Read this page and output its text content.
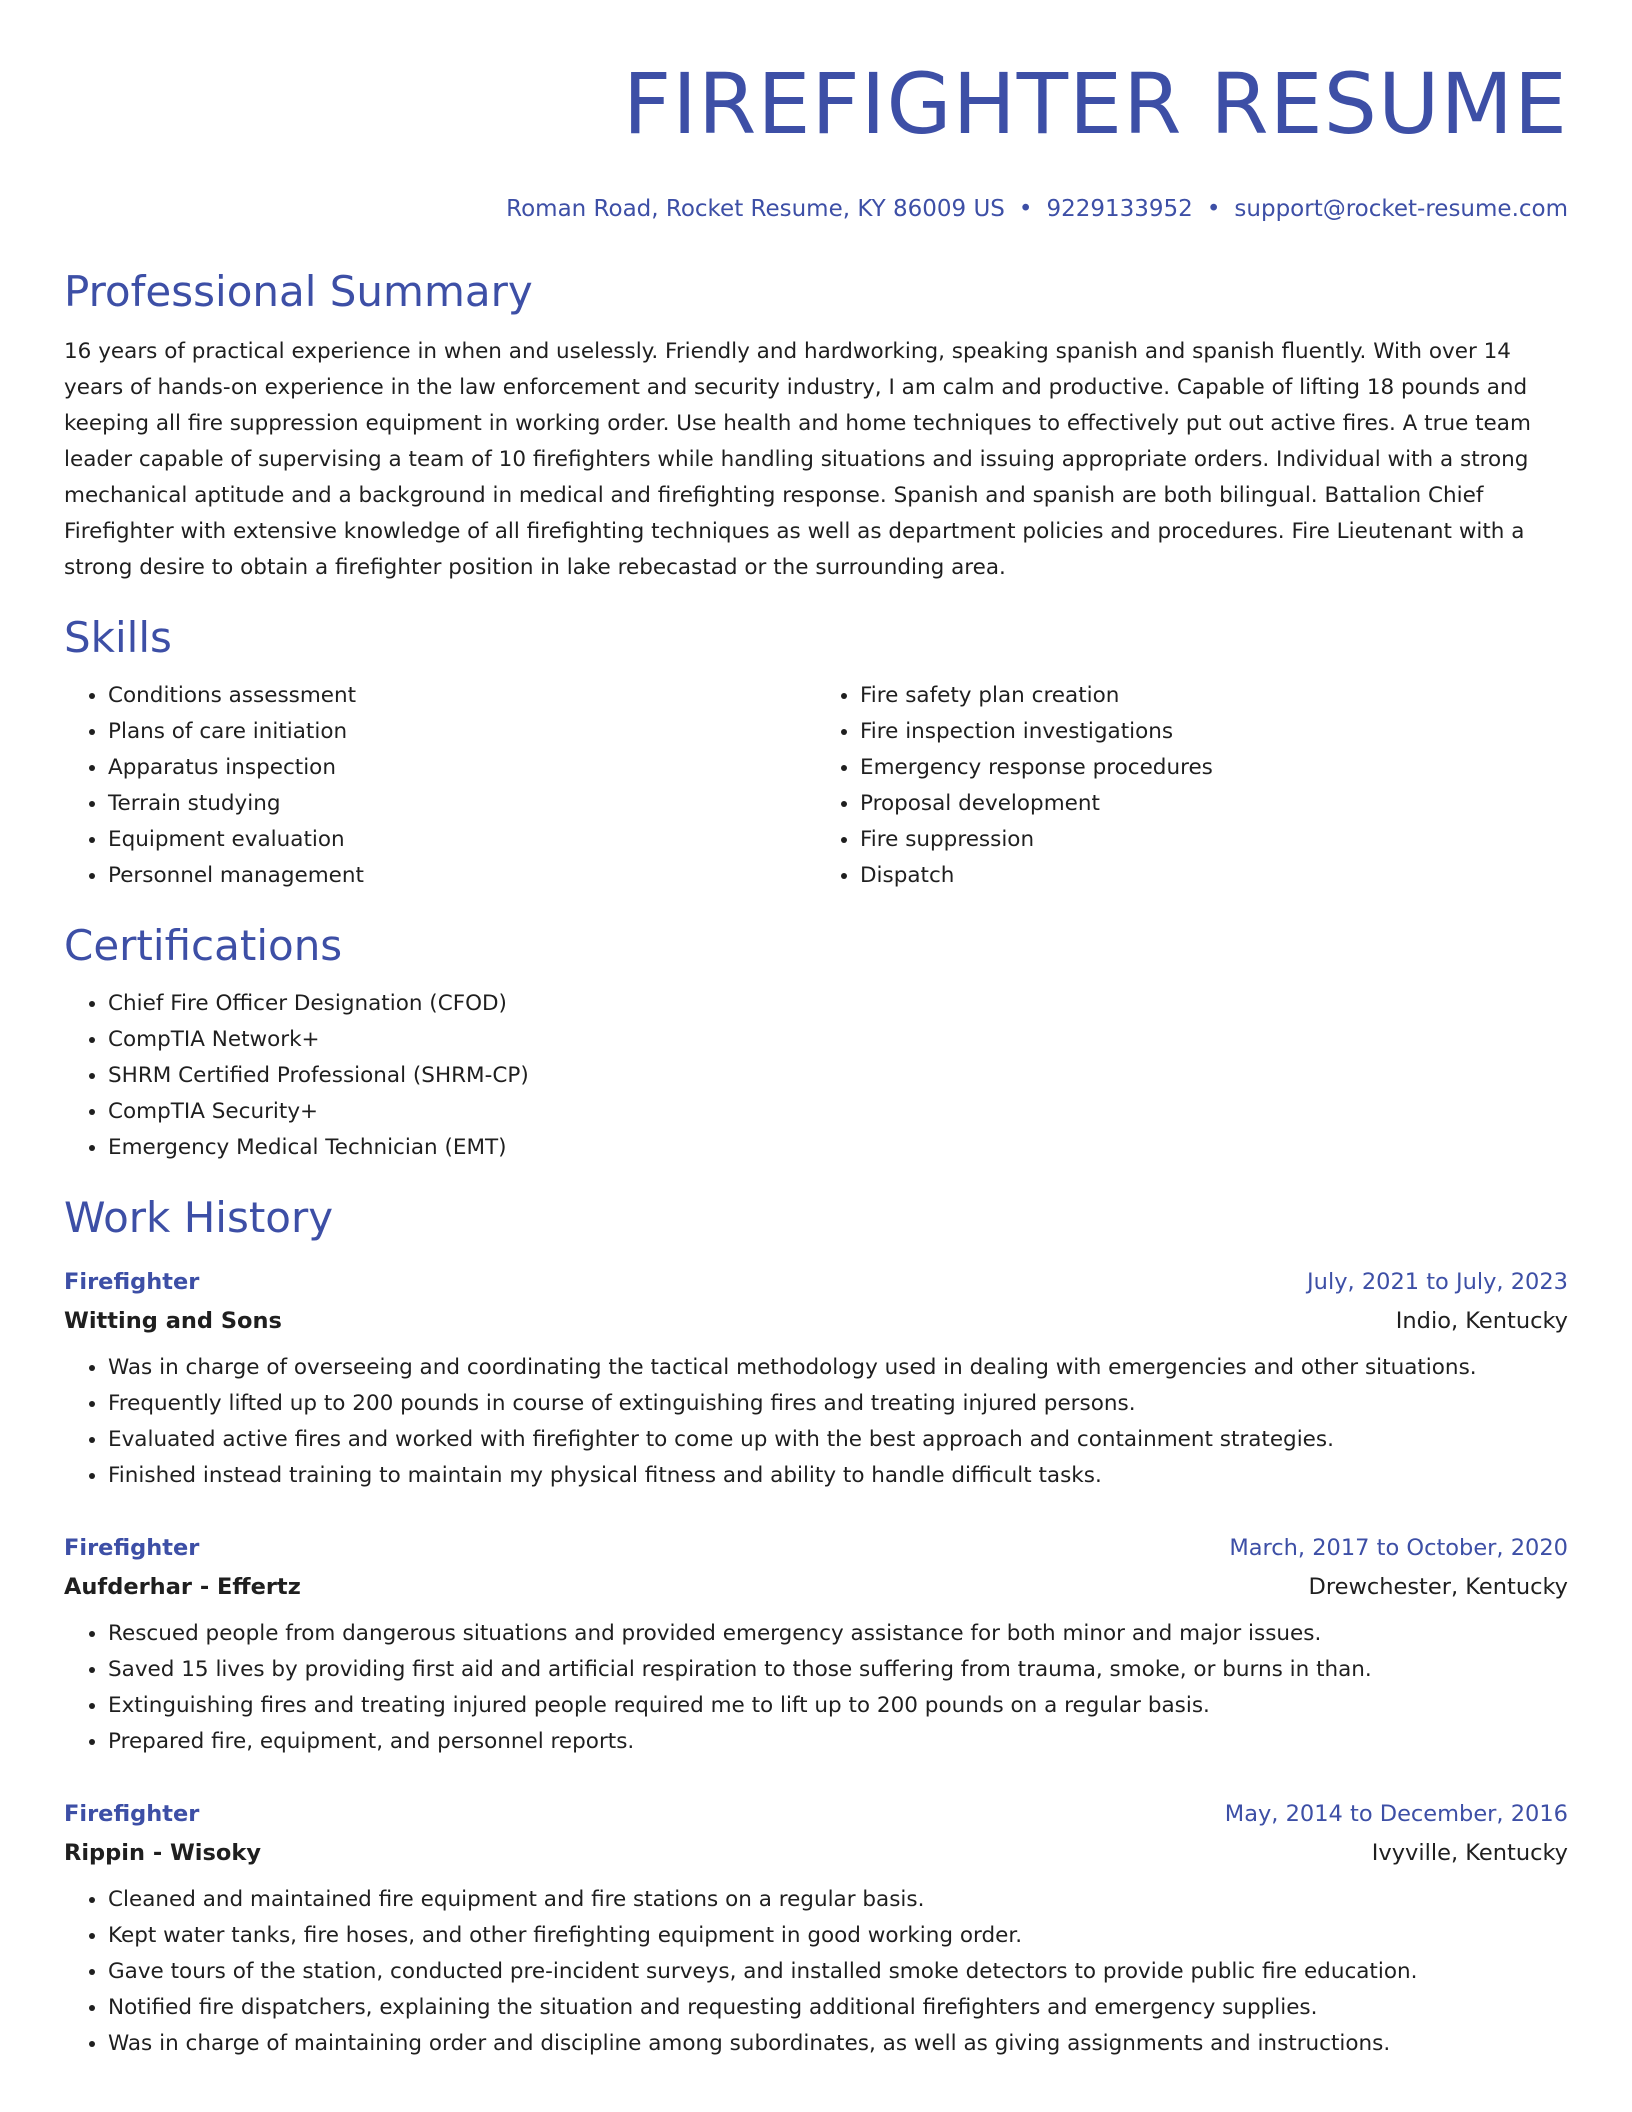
FIREFIGHTER RESUME
Roman Road, Rocket Resume, KY 86009 US • 9229133952 • support@rocket-resume.com
Professional Summary
16 years of practical experience in when and uselessly. Friendly and hardworking, speaking spanish and spanish fluently. With over 14 years of hands-on experience in the law enforcement and security industry, I am calm and productive. Capable of lifting 18 pounds and keeping all fire suppression equipment in working order. Use health and home techniques to effectively put out active fires. A true team leader capable of supervising a team of 10 firefighters while handling situations and issuing appropriate orders. Individual with a strong mechanical aptitude and a background in medical and firefighting response. Spanish and spanish are both bilingual. Battalion Chief Firefighter with extensive knowledge of all firefighting techniques as well as department policies and procedures. Fire Lieutenant with a strong desire to obtain a firefighter position in lake rebecastad or the surrounding area.
Skills
• Conditions assessment
• Plans of care initiation
• Apparatus inspection
• Terrain studying
• Equipment evaluation
• Personnel management
• Fire safety plan creation
• Fire inspection investigations
• Emergency response procedures
• Proposal development
• Fire suppression
• Dispatch
Certifications
• Chief Fire Officer Designation (CFOD)
• CompTIA Network+
• SHRM Certified Professional (SHRM-CP)
• CompTIA Security+
• Emergency Medical Technician (EMT)
Work History
Firefighter	July, 2021 to July, 2023
Witting and Sons	Indio, Kentucky
• Was in charge of overseeing and coordinating the tactical methodology used in dealing with emergencies and other situations.
• Frequently lifted up to 200 pounds in course of extinguishing fires and treating injured persons.
• Evaluated active fires and worked with firefighter to come up with the best approach and containment strategies.
• Finished instead training to maintain my physical fitness and ability to handle difficult tasks.
Firefighter	March, 2017 to October, 2020
Aufderhar - Effertz	Drewchester, Kentucky
• Rescued people from dangerous situations and provided emergency assistance for both minor and major issues.
• Saved 15 lives by providing first aid and artificial respiration to those suffering from trauma, smoke, or burns in than.
• Extinguishing fires and treating injured people required me to lift up to 200 pounds on a regular basis.
• Prepared fire, equipment, and personnel reports.
Firefighter	May, 2014 to December, 2016
Rippin - Wisoky	Ivyville, Kentucky
• Cleaned and maintained fire equipment and fire stations on a regular basis.
• Kept water tanks, fire hoses, and other firefighting equipment in good working order.
• Gave tours of the station, conducted pre-incident surveys, and installed smoke detectors to provide public fire education.
• Notified fire dispatchers, explaining the situation and requesting additional firefighters and emergency supplies.
• Was in charge of maintaining order and discipline among subordinates, as well as giving assignments and instructions.
